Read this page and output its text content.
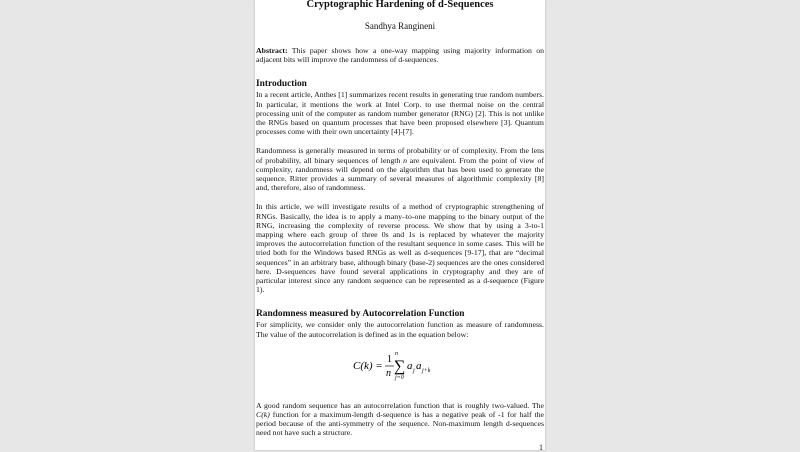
Cryptographic Hardening of d-Sequences
Sandhya Rangineni

Abstract: This paper shows how a one-way mapping using majority information on adjacent bits will improve the randomness of d-sequences.

Introduction

In a recent article, Anthes [1] summarizes recent results in generating true random numbers. In particular, it mentions the work at Intel Corp. to use thermal noise on the central processing unit of the computer as random number generator (RNG) [2]. This is not unlike the RNGs based on quantum processes that have been proposed elsewhere [3]. Quantum processes come with their own uncertainty [4]-[7].

Randomness is generally measured in terms of probability or of complexity. From the lens of probability, all binary sequences of length n are equivalent. From the point of view of complexity, randomness will depend on the algorithm that has been used to generate the sequence. Ritter provides a summary of several measures of algorithmic complexity [8] and, therefore, also of randomness.

In this article, we will investigate results of a method of cryptographic strengthening of RNGs. Basically, the idea is to apply a many–to-one mapping to the binary output of the RNG, increasing the complexity of reverse process. We show that by using a 3-to-1 mapping where each group of three 0s and 1s is replaced by whatever the majority improves the autocorrelation function of the resultant sequence in some cases. This will be tried both for the Windows based RNGs as well as d-sequences [9-17], that are “decimal sequences” in an arbitrary base, although binary (base-2) sequences are the ones considered here. D-sequences have found several applications in cryptography and they are of particular interest since any random sequence can be represented as a d-sequence (Figure 1).

Randomness measured by Autocorrelation Function

For simplicity, we consider only the autocorrelation function as measure of randomness. The value of the autocorrelation is defined as in the equation below:

C(k) =
1
n
n
∑
j=0
a j a j+k

A good random sequence has an autocorrelation function that is roughly two-valued. The C(k) function for a maximum-length d-sequence is has a negative peak of -1 for half the period because of the anti-symmetry of the sequence. Non-maximum length d-sequences need not have such a structure.

1
